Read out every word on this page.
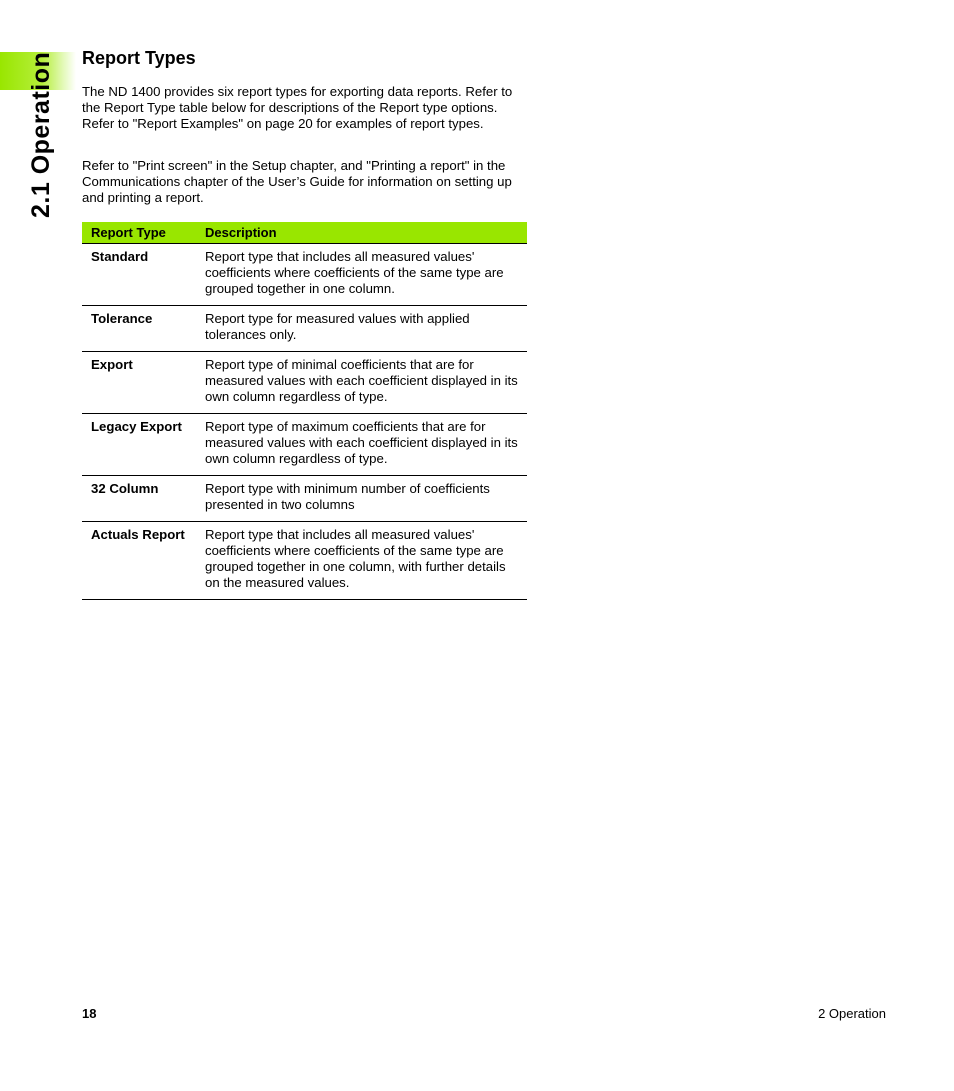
2.1 Operation Report Types

The ND 1400 provides six report types for exporting data reports. Refer to the Report Type table below for descriptions of the Report type options. Refer to "Report Examples" on page 20 for examples of report types.

Refer to "Print screen" in the Setup chapter, and "Printing a report" in the Communications chapter of the User’s Guide for information on setting up and printing a report.

Report Type	Description
Standard	Report type that includes all measured values' coefficients where coefficients of the same type are grouped together in one column.
Tolerance	Report type for measured values with applied tolerances only.
Export	Report type of minimal coefficients that are for measured values with each coefficient displayed in its own column regardless of type.
Legacy Export	Report type of maximum coefficients that are for measured values with each coefficient displayed in its own column regardless of type.
32 Column	Report type with minimum number of coefficients presented in two columns
Actuals Report	Report type that includes all measured values' coefficients where coefficients of the same type are grouped together in one column, with further details on the measured values.
18	2 Operation
